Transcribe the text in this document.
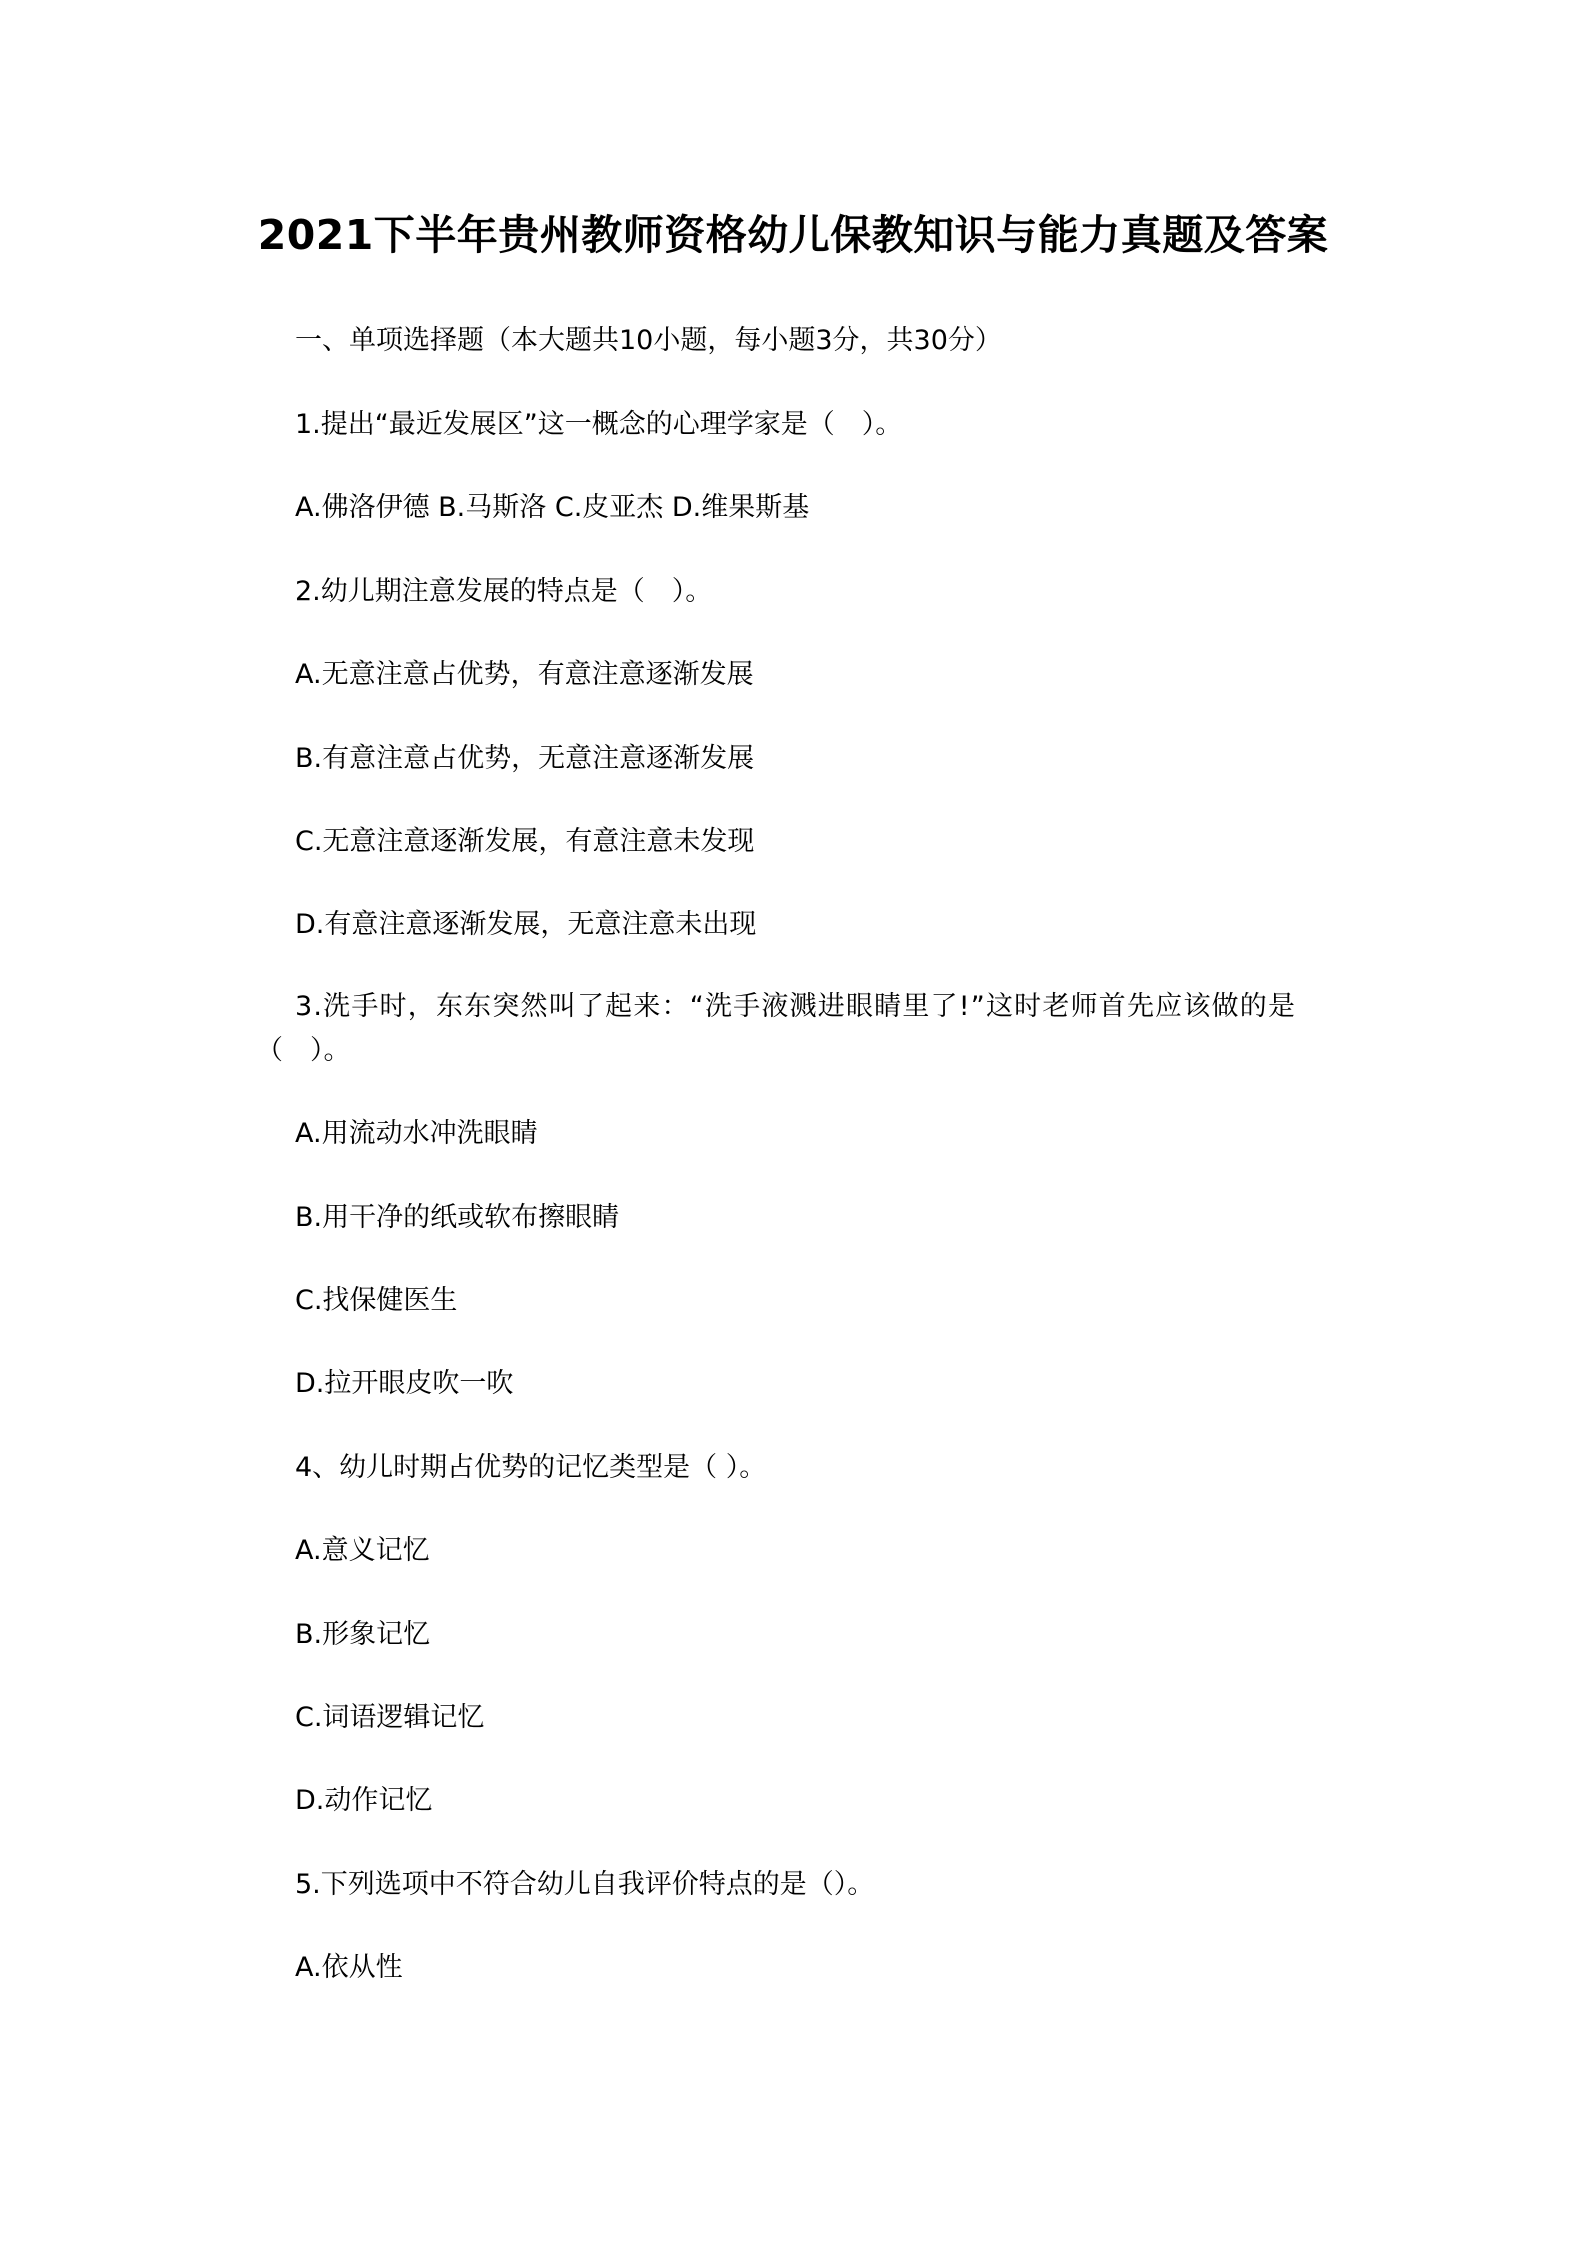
2021下半年贵州教师资格幼儿保教知识与能力真题及答案

一、单项选择题（本大题共10小题，每小题3分，共30分）

1.提出“最近发展区”这一概念的心理学家是（　）。

A.佛洛伊德 B.马斯洛 C.皮亚杰 D.维果斯基

2.幼儿期注意发展的特点是（　）。

A.无意注意占优势，有意注意逐渐发展

B.有意注意占优势，无意注意逐渐发展

C.无意注意逐渐发展，有意注意未发现

D.有意注意逐渐发展，无意注意未出现

3.洗手时，东东突然叫了起来：“洗手液溅进眼睛里了!”这时老师首先应该做的是
（　）。

A.用流动水冲洗眼睛

B.用干净的纸或软布擦眼睛

C.找保健医生

D.拉开眼皮吹一吹

4、幼儿时期占优势的记忆类型是（ ）。

A.意义记忆

B.形象记忆

C.词语逻辑记忆

D.动作记忆

5.下列选项中不符合幼儿自我评价特点的是（）。

A.依从性
